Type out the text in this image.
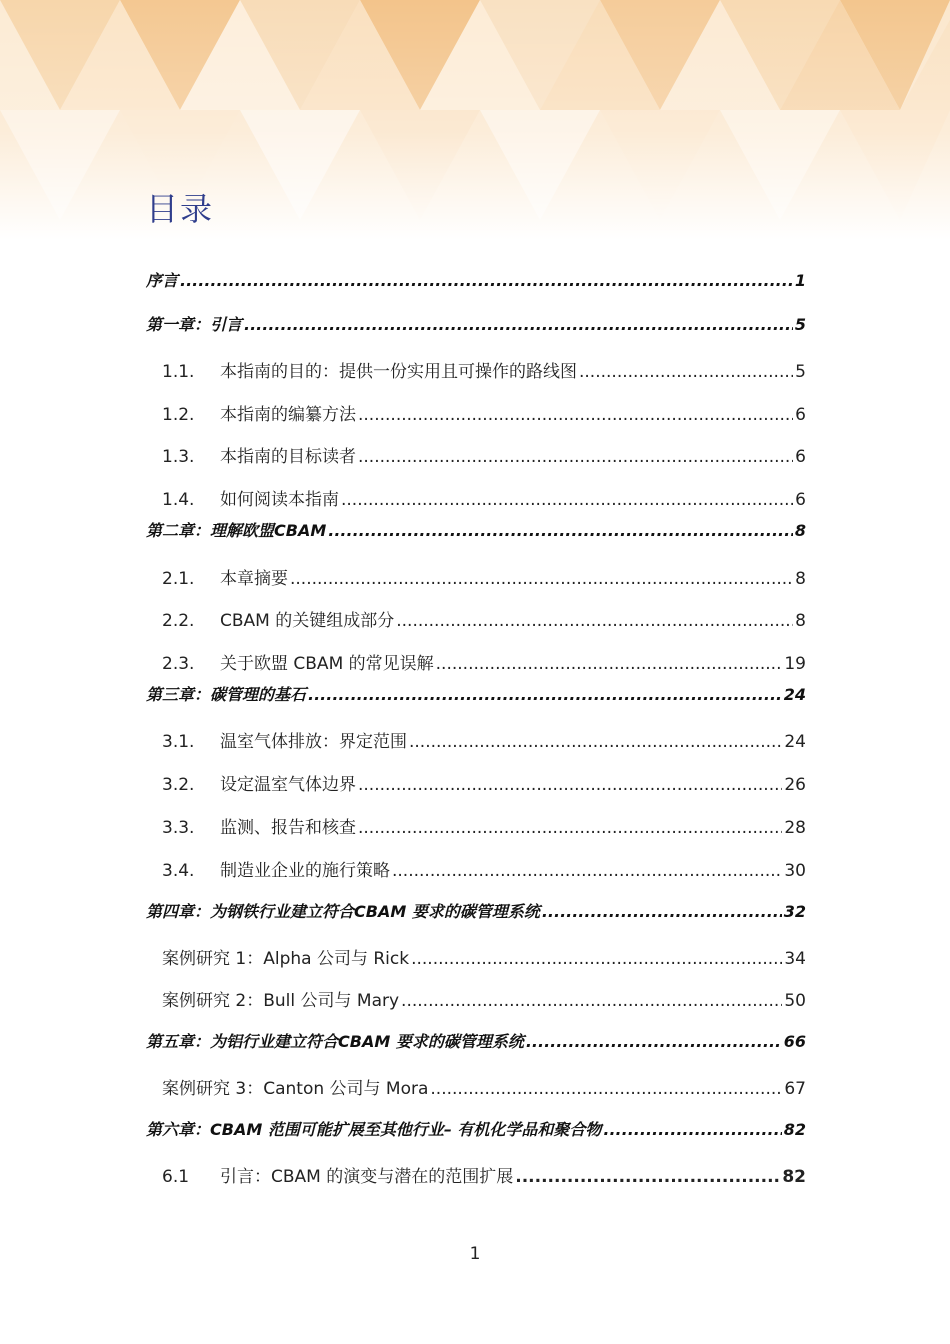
目录
序言 .....	1
第一章：引言 .....	5
1.1.	本指南的目的：提供一份实用且可操作的路线图 .....	5
1.2.	本指南的编纂方法 .....	6
1.3.	本指南的目标读者 .....	6
1.4.	如何阅读本指南 .....	6
第二章：理解欧盟CBAM .....	8
2.1.	本章摘要 .....	8
2.2.	CBAM 的关键组成部分 .....	8
2.3.	关于欧盟 CBAM 的常见误解 .....	19
第三章：碳管理的基石 .....	24
3.1.	温室气体排放：界定范围 .....	24
3.2.	设定温室气体边界 .....	26
3.3.	监测、报告和核查 .....	28
3.4.	制造业企业的施行策略 .....	30
第四章：为钢铁行业建立符合CBAM 要求的碳管理系统 .....	32
案例研究 1：Alpha 公司与 Rick .....	34
案例研究 2：Bull 公司与 Mary .....	50
第五章：为铝行业建立符合CBAM 要求的碳管理系统 .....	66
案例研究 3：Canton 公司与 Mora .....	67
第六章：CBAM 范围可能扩展至其他行业– 有机化学品和聚合物 .....	82
6.1	引言：CBAM 的演变与潜在的范围扩展 .....	82
1
